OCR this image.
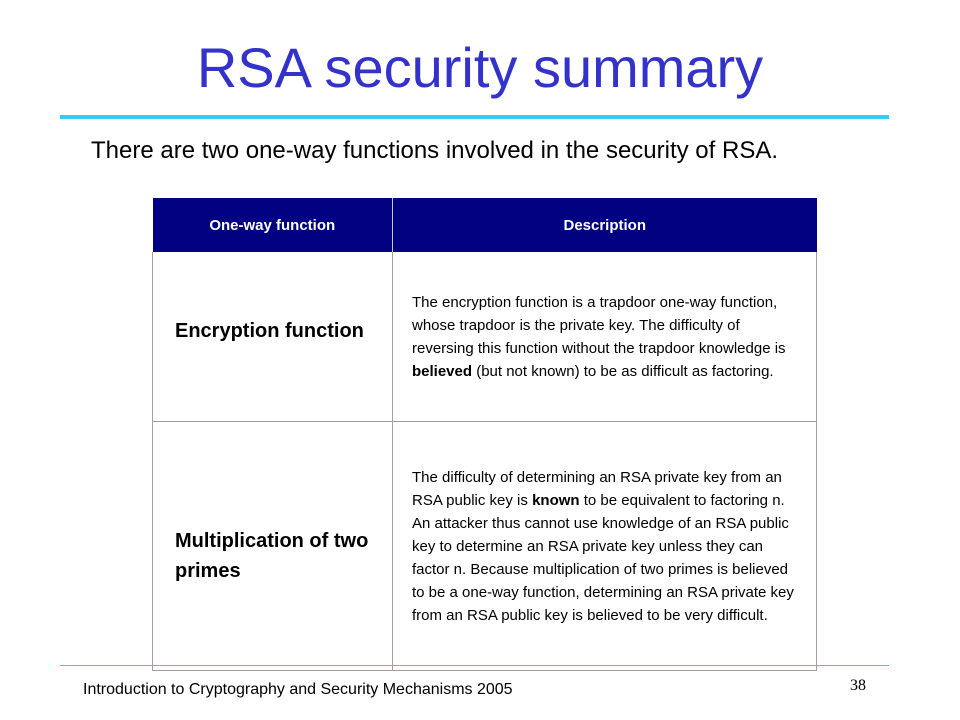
RSA security summary
There are two one-way functions involved in the security of RSA.
One-way function	Description
Encryption function	The encryption function is a trapdoor one-way function, whose trapdoor is the private key. The difficulty of reversing this function without the trapdoor knowledge is believed (but not known) to be as difficult as factoring.
Multiplication of two primes	The difficulty of determining an RSA private key from an RSA public key is known to be equivalent to factoring n. An attacker thus cannot use knowledge of an RSA public key to determine an RSA private key unless they can factor n. Because multiplication of two primes is believed to be a one-way function, determining an RSA private key from an RSA public key is believed to be very difficult.
Introduction to Cryptography and Security Mechanisms 2005	38
